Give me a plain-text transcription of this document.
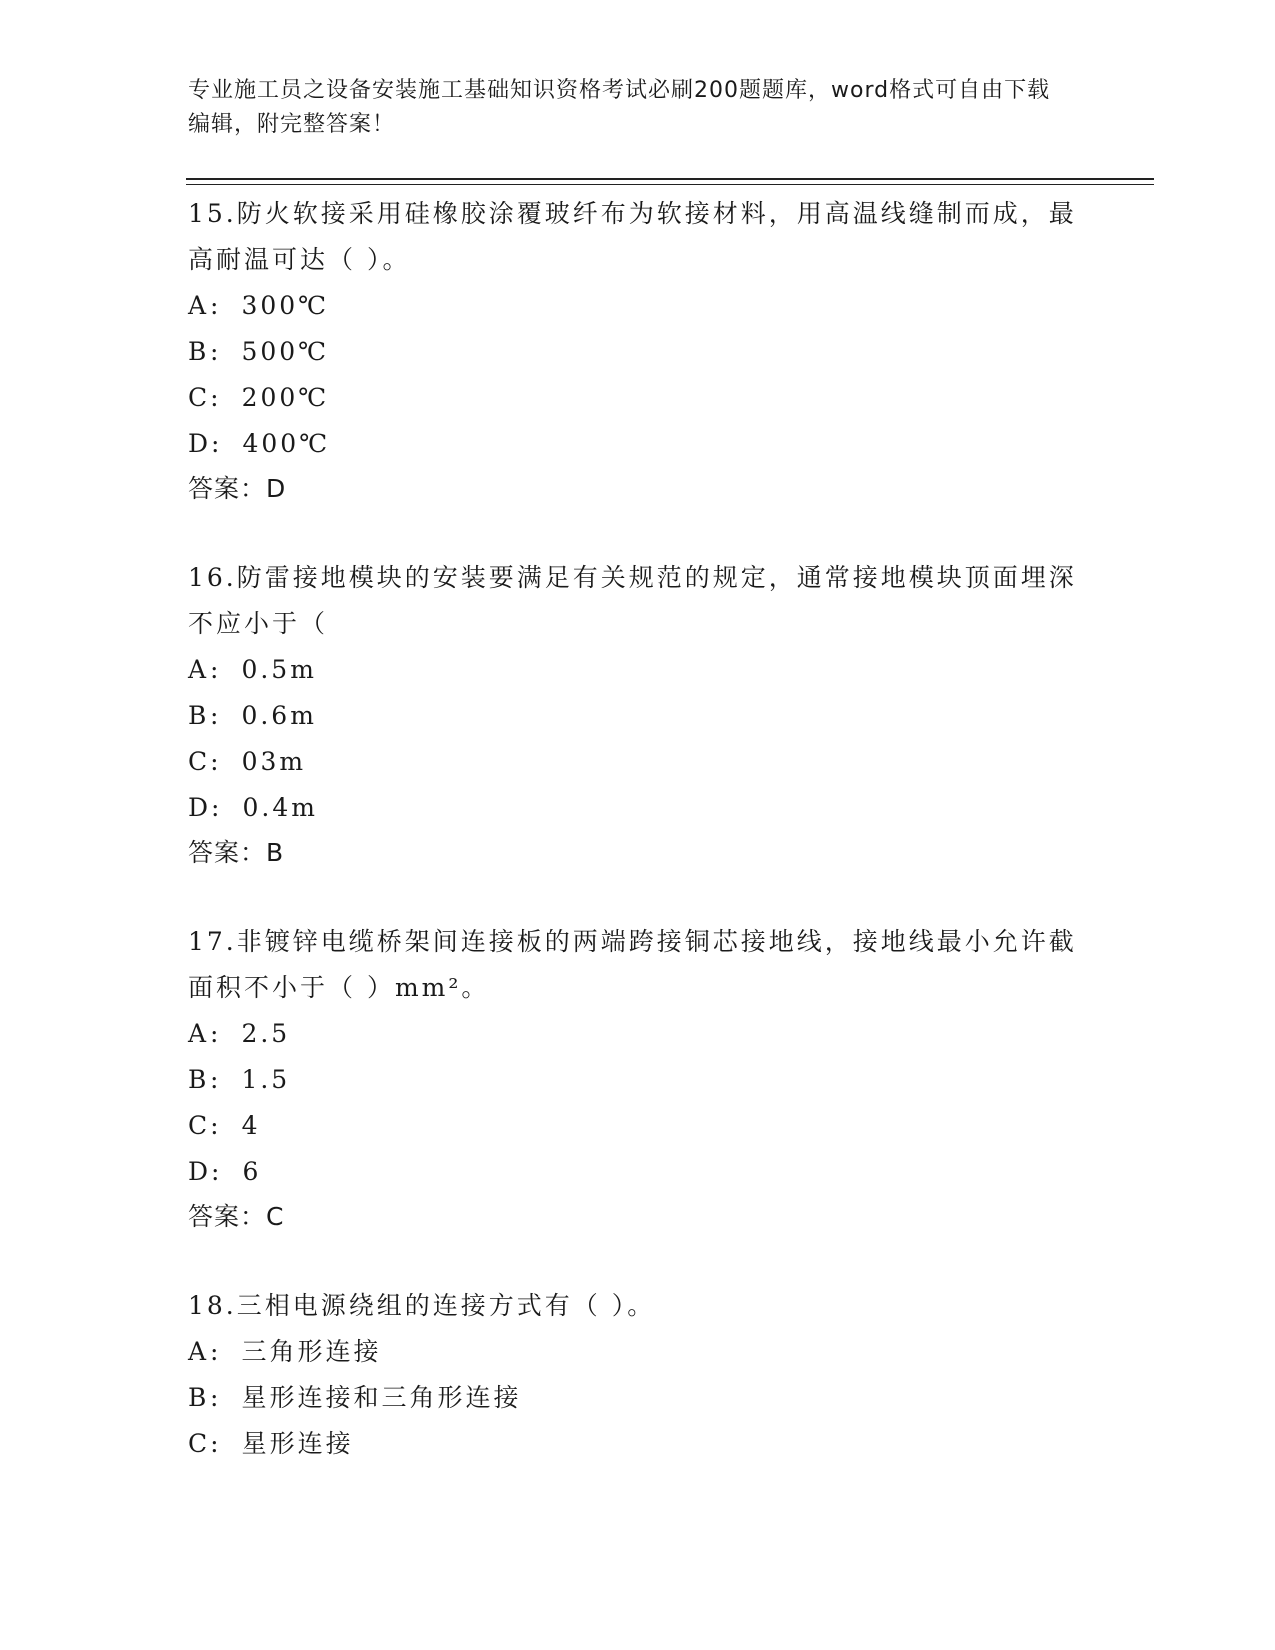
专业施工员之设备安装施工基础知识资格考试必刷200题题库，word格式可自由下载编辑，附完整答案！

15.防火软接采用硅橡胶涂覆玻纤布为软接材料，用高温线缝制而成，最高耐温可达（ ）。

A: 300℃

B: 500℃

C: 200℃

D: 400℃

答案：D

16.防雷接地模块的安装要满足有关规范的规定，通常接地模块顶面埋深不应小于（

A: 0.5m

B: 0.6m

C: 03m

D: 0.4m

答案：B

17.非镀锌电缆桥架间连接板的两端跨接铜芯接地线，接地线最小允许截面积不小于（ ）mm²。

A: 2.5

B: 1.5

C: 4

D: 6

答案：C

18.三相电源绕组的连接方式有（ ）。

A: 三角形连接

B: 星形连接和三角形连接

C: 星形连接
